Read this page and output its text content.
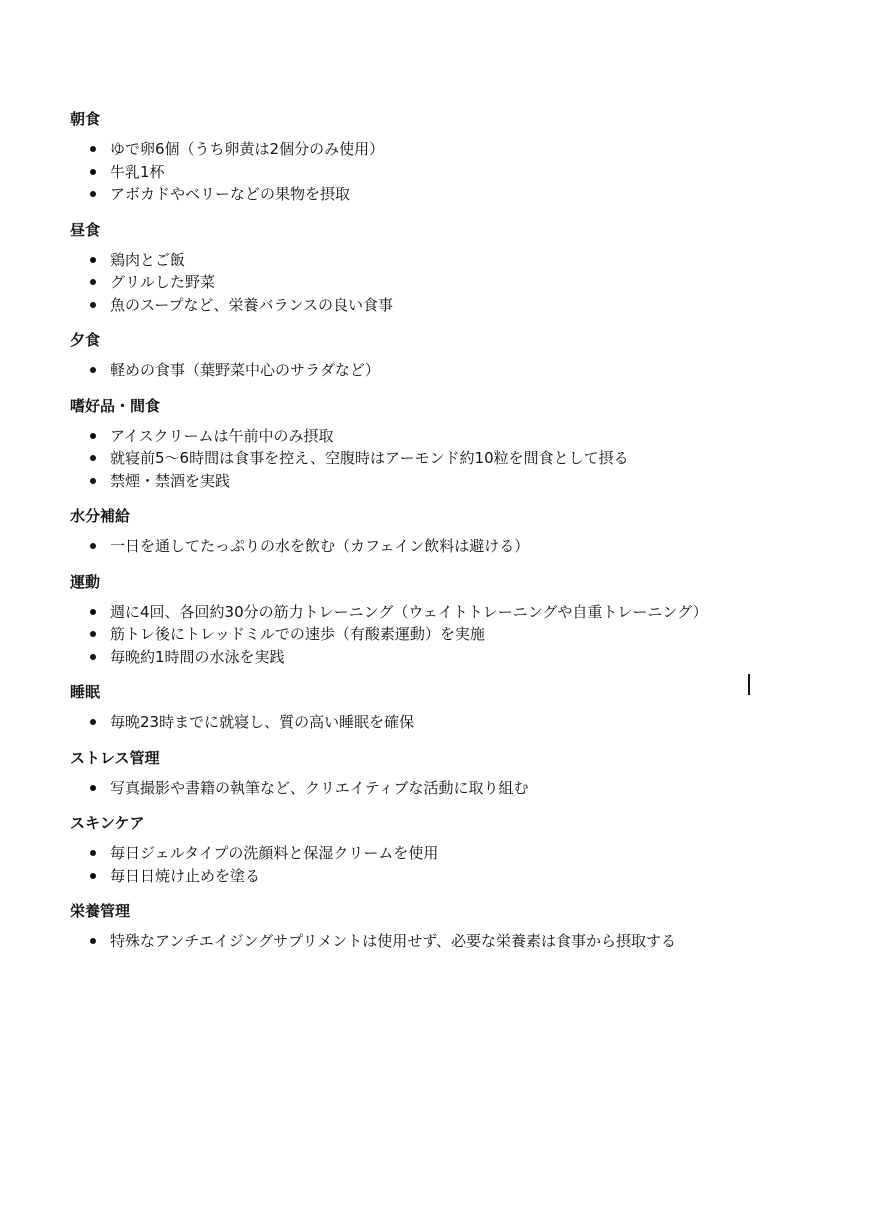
朝食
ゆで卵6個（うち卵黄は2個分のみ使用）
牛乳1杯
アボカドやベリーなどの果物を摂取
昼食
鶏肉とご飯
グリルした野菜
魚のスープなど、栄養バランスの良い食事
夕食
軽めの食事（葉野菜中心のサラダなど）
嗜好品・間食
アイスクリームは午前中のみ摂取
就寝前5〜6時間は食事を控え、空腹時はアーモンド約10粒を間食として摂る
禁煙・禁酒を実践
水分補給
一日を通してたっぷりの水を飲む（カフェイン飲料は避ける）
運動
週に4回、各回約30分の筋力トレーニング（ウェイトトレーニングや自重トレーニング）
筋トレ後にトレッドミルでの速歩（有酸素運動）を実施
毎晩約1時間の水泳を実践
睡眠
毎晩23時までに就寝し、質の高い睡眠を確保
ストレス管理
写真撮影や書籍の執筆など、クリエイティブな活動に取り組む
スキンケア
毎日ジェルタイプの洗顔料と保湿クリームを使用
毎日日焼け止めを塗る
栄養管理
特殊なアンチエイジングサプリメントは使用せず、必要な栄養素は食事から摂取する
